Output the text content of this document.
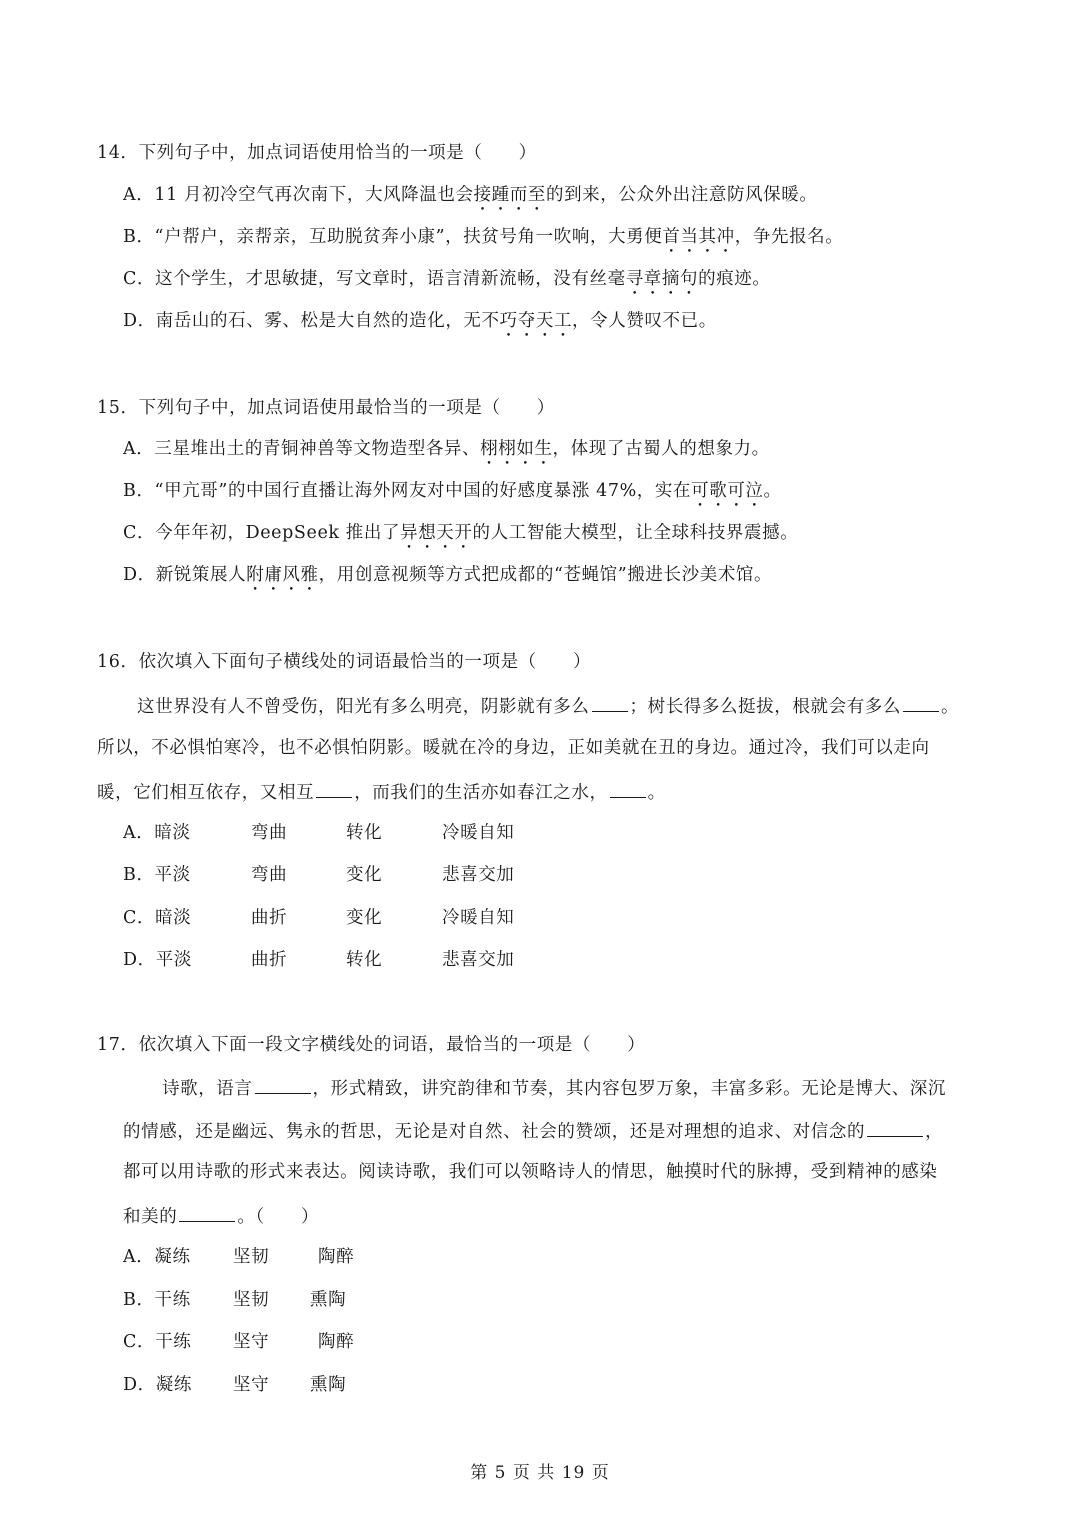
14．下列句子中，加点词语使用恰当的一项是（　　）
A．11 月初冷空气再次南下，大风降温也会接踵而至的到来，公众外出注意防风保暖。
B．“户帮户，亲帮亲，互助脱贫奔小康”，扶贫号角一吹响，大勇便首当其冲，争先报名。
C．这个学生，才思敏捷，写文章时，语言清新流畅，没有丝毫寻章摘句的痕迹。
D．南岳山的石、雾、松是大自然的造化，无不巧夺天工，令人赞叹不已。
15．下列句子中，加点词语使用最恰当的一项是（　　）
A．三星堆出土的青铜神兽等文物造型各异、栩栩如生，体现了古蜀人的想象力。
B．“甲亢哥”的中国行直播让海外网友对中国的好感度暴涨 47%，实在可歌可泣。
C．今年年初，DeepSeek 推出了异想天开的人工智能大模型，让全球科技界震撼。
D．新锐策展人附庸风雅，用创意视频等方式把成都的“苍蝇馆”搬进长沙美术馆。
16．依次填入下面句子横线处的词语最恰当的一项是（　　）
这世界没有人不曾受伤，阳光有多么明亮，阴影就有多么 ；树长得多么挺拔，根就会有多么 。
所以，不必惧怕寒冷，也不必惧怕阴影。暖就在冷的身边，正如美就在丑的身边。通过冷，我们可以走向
暖，它们相互依存，又相互 ，而我们的生活亦如春江之水， 。
A．暗淡	弯曲	转化	冷暖自知
B．平淡	弯曲	变化	悲喜交加
C．暗淡	曲折	变化	冷暖自知
D．平淡	曲折	转化	悲喜交加
17．依次填入下面一段文字横线处的词语，最恰当的一项是（　　）
诗歌，语言	，形式精致，讲究韵律和节奏，其内容包罗万象，丰富多彩。无论是博大、深沉
的情感，还是幽远、隽永的哲思，无论是对自然、社会的赞颂，还是对理想的追求、对信念的	，
都可以用诗歌的形式来表达。阅读诗歌，我们可以领略诗人的情思，触摸时代的脉搏，受到精神的感染
和美的	。（　　）
A．凝练 坚韧	陶醉
B．干练 坚韧 熏陶
C．干练 坚守	陶醉
D．凝练 坚守 熏陶
第 5 页 共 19 页
